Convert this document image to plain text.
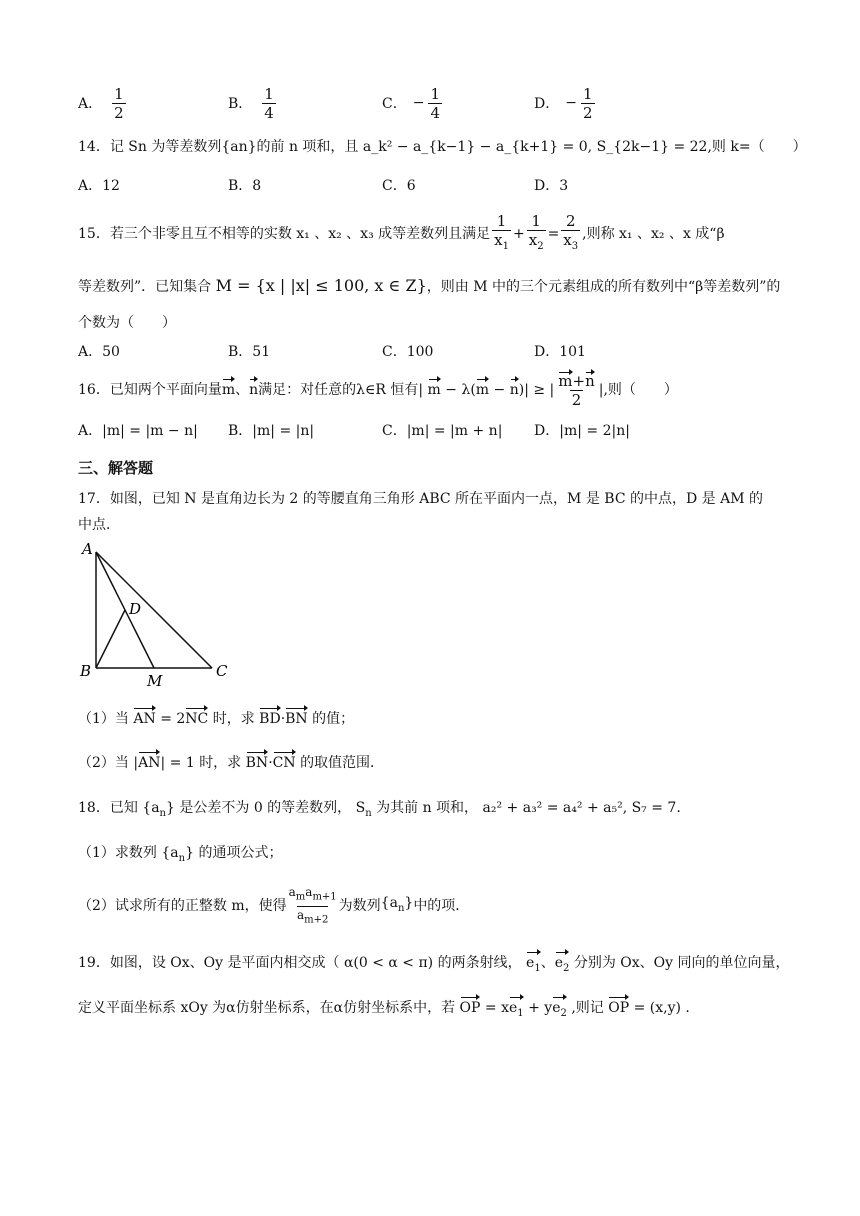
A． $\frac{1}{2}$	B． $\frac{1}{4}$	C． − $\frac{1}{4}$	D． − $\frac{1}{2}$
14．记 Sn 为等差数列{an}的前 n 项和，且 a_k² − a_{k−1} − a_{k+1} = 0, S_{2k−1} = 22,则 k=（　　）
A．12	B．8	C．6	D．3
15．若三个非零且互不相等的实数 x₁ 、x₂ 、x₃ 成等差数列且满足 $\frac{1}{x_1} + \frac{1}{x_2} = \frac{2}{x_3}$ ,则称 x₁ 、x₂ 、x 成“β
等差数列”．已知集合 M = {x | |x| ≤ 100, x ∈ Z}，则由 M 中的三个元素组成的所有数列中“β等差数列”的
个数为（　　）
A．50	B．51	C．100	D．101
16．已知两个平面向量 m、n 满足：对任意的λ∈R 恒有 | m − λ(m − n)| ≥ | $\frac{m+n}{2}$ | ,则（　　）
A．|m| = |m − n| B．|m| = |n|	C．|m| = |m + n| D．|m| = 2|n|
三、解答题
17．如图，已知 N 是直角边长为 2 的等腰直角三角形 ABC 所在平面内一点，M 是 BC 的中点，D 是 AM 的
中点．
A
B	C
D
M
（1）当 AN = 2NC 时，求 BD·BN 的值；
（2）当 |AN| = 1 时，求 BN·CN 的取值范围．
18．已知 $\{a_n\}$ 是公差不为 0 的等差数列， $S_n$ 为其前 n 项和， a₂² + a₃² = a₄² + a₅², S₇ = 7.
（1）求数列 $\{a_n\}$ 的通项公式；
（2）试求所有的正整数 m，使得 $\frac{a_ma_{m+1}}{a_{m+2}}$ 为数列 $\{a_n\}$ 中的项．
19．如图，设 Ox、Oy 是平面内相交成（ α(0 < α < π) 的两条射线， $e_1$、$e_2$ 分别为 Ox、Oy 同向的单位向量，
定义平面坐标系 xOy 为α仿射坐标系，在α仿射坐标系中，若 OP = $xe_1 + ye_2$ ,则记 OP = (x,y) .
